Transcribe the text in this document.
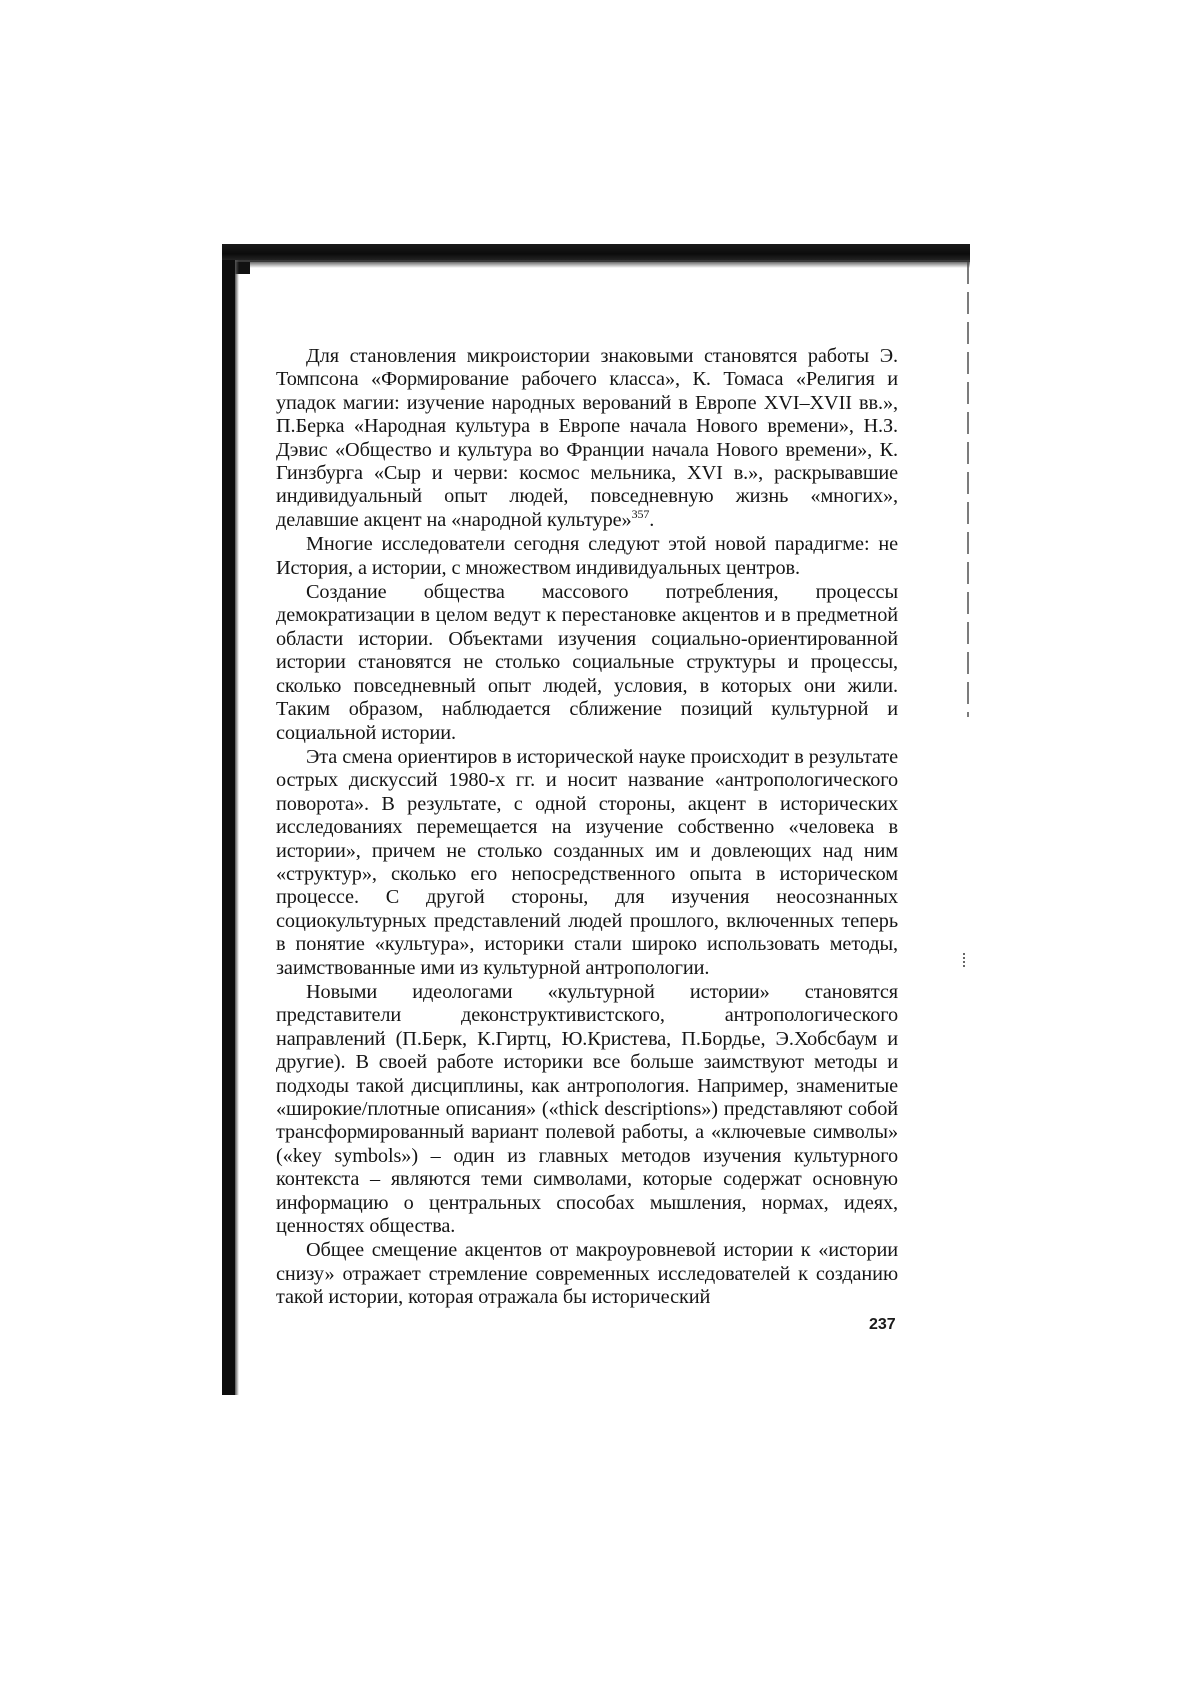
Для становления микроистории знаковыми становятся работы Э. Томпсона «Формирование рабочего класса», К. Томаса «Религия и упадок магии: изучение народных верований в Европе XVI–XVII вв.», П.Берка «Народная культура в Европе начала Нового времени», Н.З. Дэвис «Общество и культура во Франции начала Нового времени», К. Гинзбурга «Сыр и черви: космос мельника, XVI в.», раскрывавшие индивидуальный опыт людей, повседневную жизнь «многих», делавшие акцент на «народной культуре»$^{357}$.

Многие исследователи сегодня следуют этой новой парадигме: не История, а истории, с множеством индивидуальных центров.

Создание общества массового потребления, процессы демократизации в целом ведут к перестановке акцентов и в предметной области истории. Объектами изучения социально-ориентированной истории становятся не столько социальные структуры и процессы, сколько повседневный опыт людей, условия, в которых они жили. Таким образом, наблюдается сближение позиций культурной и социальной истории.

Эта смена ориентиров в исторической науке происходит в результате острых дискуссий 1980-х гг. и носит название «антропологического поворота». В результате, с одной стороны, акцент в исторических исследованиях перемещается на изучение собственно «человека в истории», причем не столько созданных им и довлеющих над ним «структур», сколько его непосредственного опыта в историческом процессе. С другой стороны, для изучения неосознанных социокультурных представлений людей прошлого, включенных теперь в понятие «культура», историки стали широко использовать методы, заимствованные ими из культурной антропологии.

Новыми идеологами «культурной истории» становятся представители деконструктивистского, антропологического направлений (П.Берк, К.Гиртц, Ю.Кристева, П.Бордье, Э.Хобсбаум и другие). В своей работе историки все больше заимствуют методы и подходы такой дисциплины, как антропология. Например, знаменитые «широкие/плотные описания» («thick descriptions») представляют собой трансформированный вариант полевой работы, а «ключевые символы» («key symbols») – один из главных методов изучения культурного контекста – являются теми символами, которые содержат основную информацию о центральных способах мышления, нормах, идеях, ценностях общества.

Общее смещение акцентов от макроуровневой истории к «истории снизу» отражает стремление современных исследователей к созданию такой истории, которая отражала бы исторический

237
